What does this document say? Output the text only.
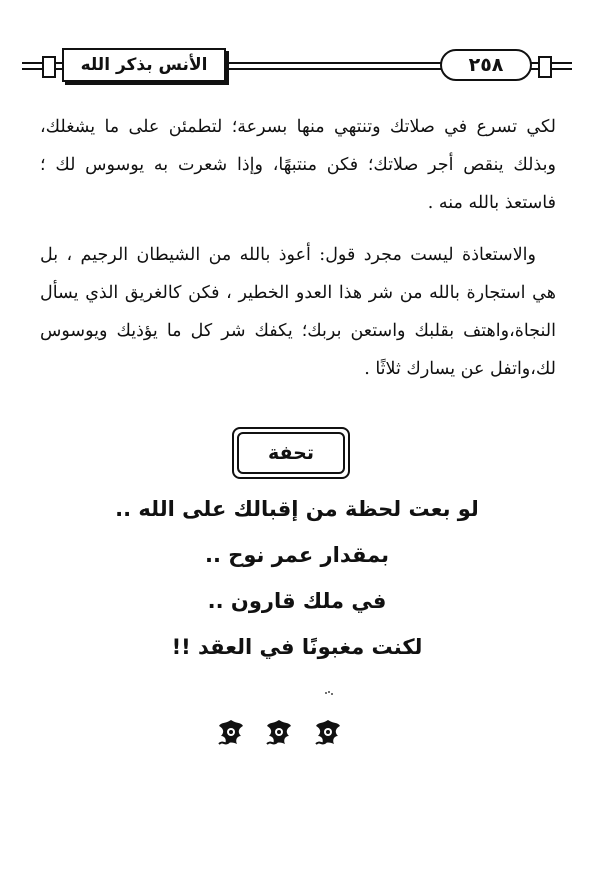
الأنس بذكر الله	٢٥٨
لكي تسرع في صلاتك وتنتهي منها بسرعة؛ لتطمئن على ما يشغلك، وبذلك ينقص أجر صلاتك؛ فكن منتبهًا، وإذا شعرت به يوسوس لك ؛ فاستعذ بالله منه .
والاستعاذة ليست مجرد قول: أعوذ بالله من الشيطان الرجيم ، بل هي استجارة بالله من شر هذا العدو الخطير ، فكن كالغريق الذي يسأل النجاة،واهتف بقلبك واستعن بربك؛ يكفك شر كل ما يؤذيك ويوسوس لك،واتفل عن يسارك ثلاثًا .
تحفة
لو بعت لحظة من إقبالك على الله ..
بمقدار عمر نوح ..
في ملك قارون ..
لكنت مغبونًا في العقد !!
